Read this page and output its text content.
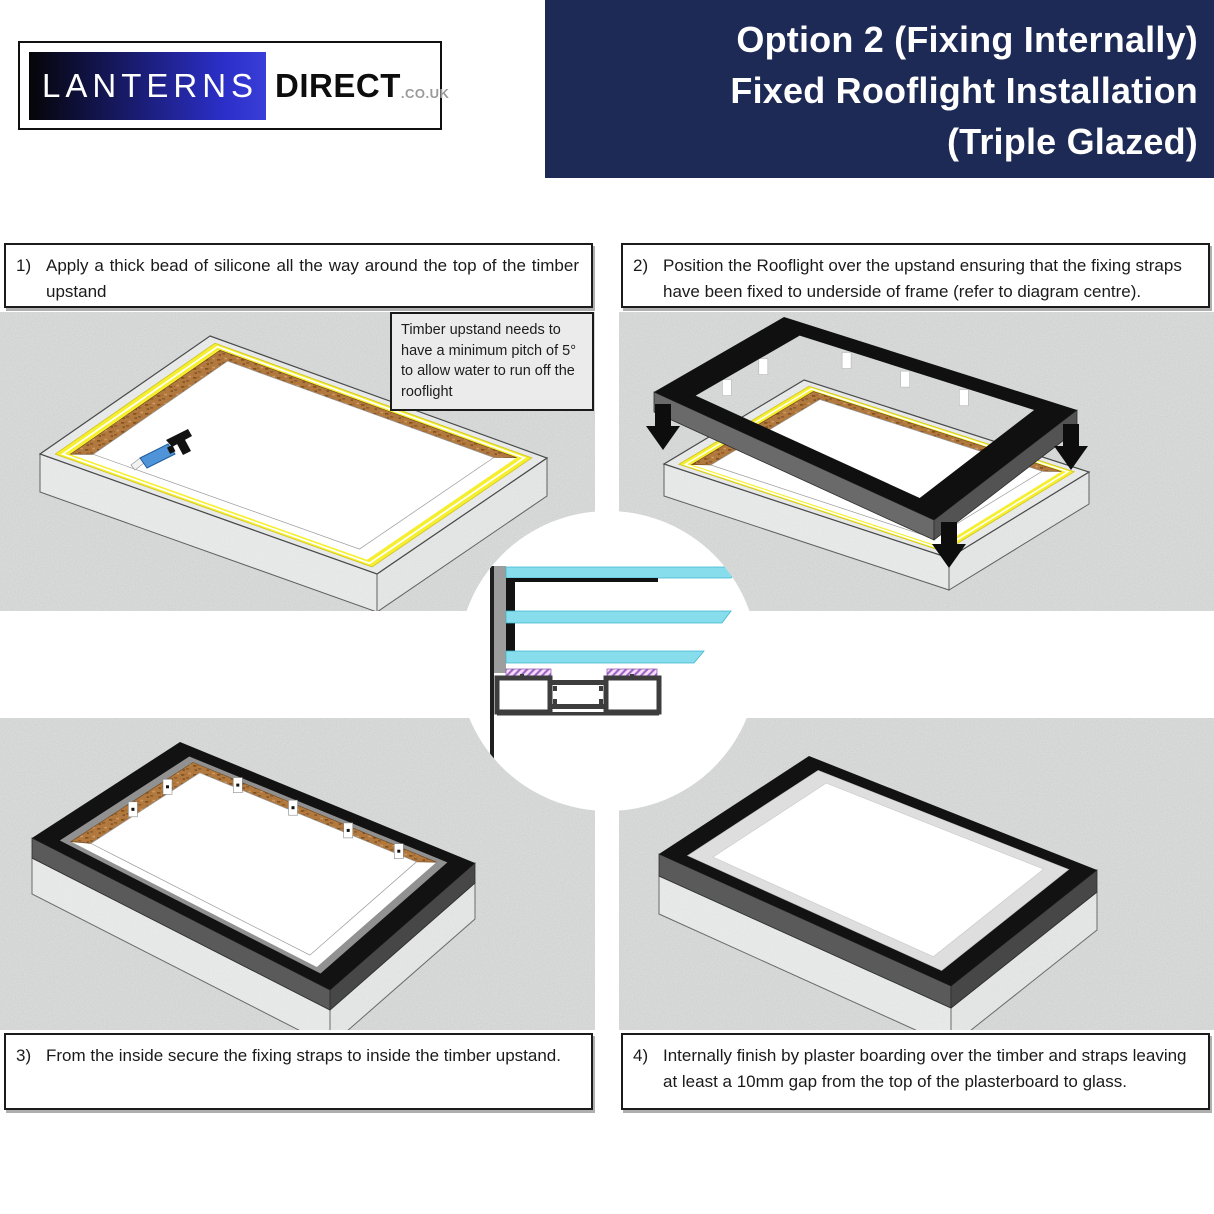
LANTERNS DIRECT .CO.UK
Option 2 (Fixing Internally)
Fixed Rooflight Installation
(Triple Glazed)
1) Apply a thick bead of silicone all the way around the top of the timber upstand
2) Position the Rooflight over the upstand ensuring that the fixing straps have been fixed to underside of frame (refer to diagram centre).
3) From the inside secure the fixing straps to inside the timber upstand.	4) Internally finish by plaster boarding over the timber and straps leaving at least a 10mm gap from the top of the plasterboard to glass.
Timber upstand needs to have a minimum pitch of 5° to allow water to run off the rooflight
